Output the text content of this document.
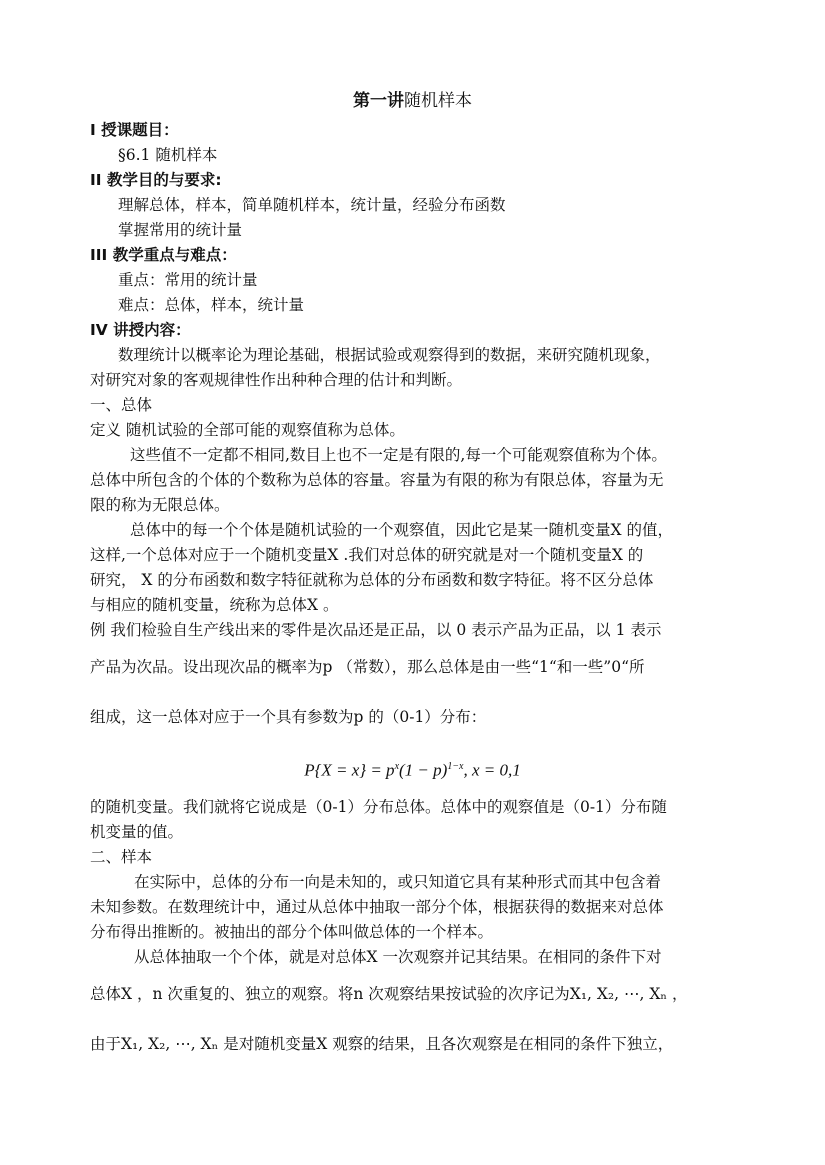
第一讲随机样本
I 授课题目：
§6.1 随机样本
II 教学目的与要求:
理解总体，样本，简单随机样本，统计量，经验分布函数
掌握常用的统计量
III 教学重点与难点：
重点：常用的统计量
难点：总体，样本，统计量
IV 讲授内容：
数理统计以概率论为理论基础，根据试验或观察得到的数据，来研究随机现象，
对研究对象的客观规律性作出种种合理的估计和判断。
一、总体
定义 随机试验的全部可能的观察值称为总体。
这些值不一定都不相同,数目上也不一定是有限的,每一个可能观察值称为个体。
总体中所包含的个体的个数称为总体的容量。容量为有限的称为有限总体，容量为无
限的称为无限总体。
总体中的每一个个体是随机试验的一个观察值，因此它是某一随机变量X 的值，
这样,一个总体对应于一个随机变量X .我们对总体的研究就是对一个随机变量X 的
研究， X 的分布函数和数字特征就称为总体的分布函数和数字特征。将不区分总体
与相应的随机变量，统称为总体X 。
例 我们检验自生产线出来的零件是次品还是正品，以 0 表示产品为正品，以 1 表示
产品为次品。设出现次品的概率为p （常数），那么总体是由一些“1“和一些”0“所
组成，这一总体对应于一个具有参数为p 的（0-1）分布：
$P\{X = x\} = p^x(1 - p)^{1-x}$, x = 0,1
的随机变量。我们就将它说成是（0-1）分布总体。总体中的观察值是（0-1）分布随
机变量的值。
二、样本
在实际中，总体的分布一向是未知的，或只知道它具有某种形式而其中包含着
未知参数。在数理统计中，通过从总体中抽取一部分个体，根据获得的数据来对总体
分布得出推断的。被抽出的部分个体叫做总体的一个样本。
从总体抽取一个个体，就是对总体X 一次观察并记其结果。在相同的条件下对
总体X ，n 次重复的、独立的观察。将n 次观察结果按试验的次序记为X₁, X₂, ⋯, Xₙ ，
由于X₁, X₂, ⋯, Xₙ 是对随机变量X 观察的结果，且各次观察是在相同的条件下独立，
